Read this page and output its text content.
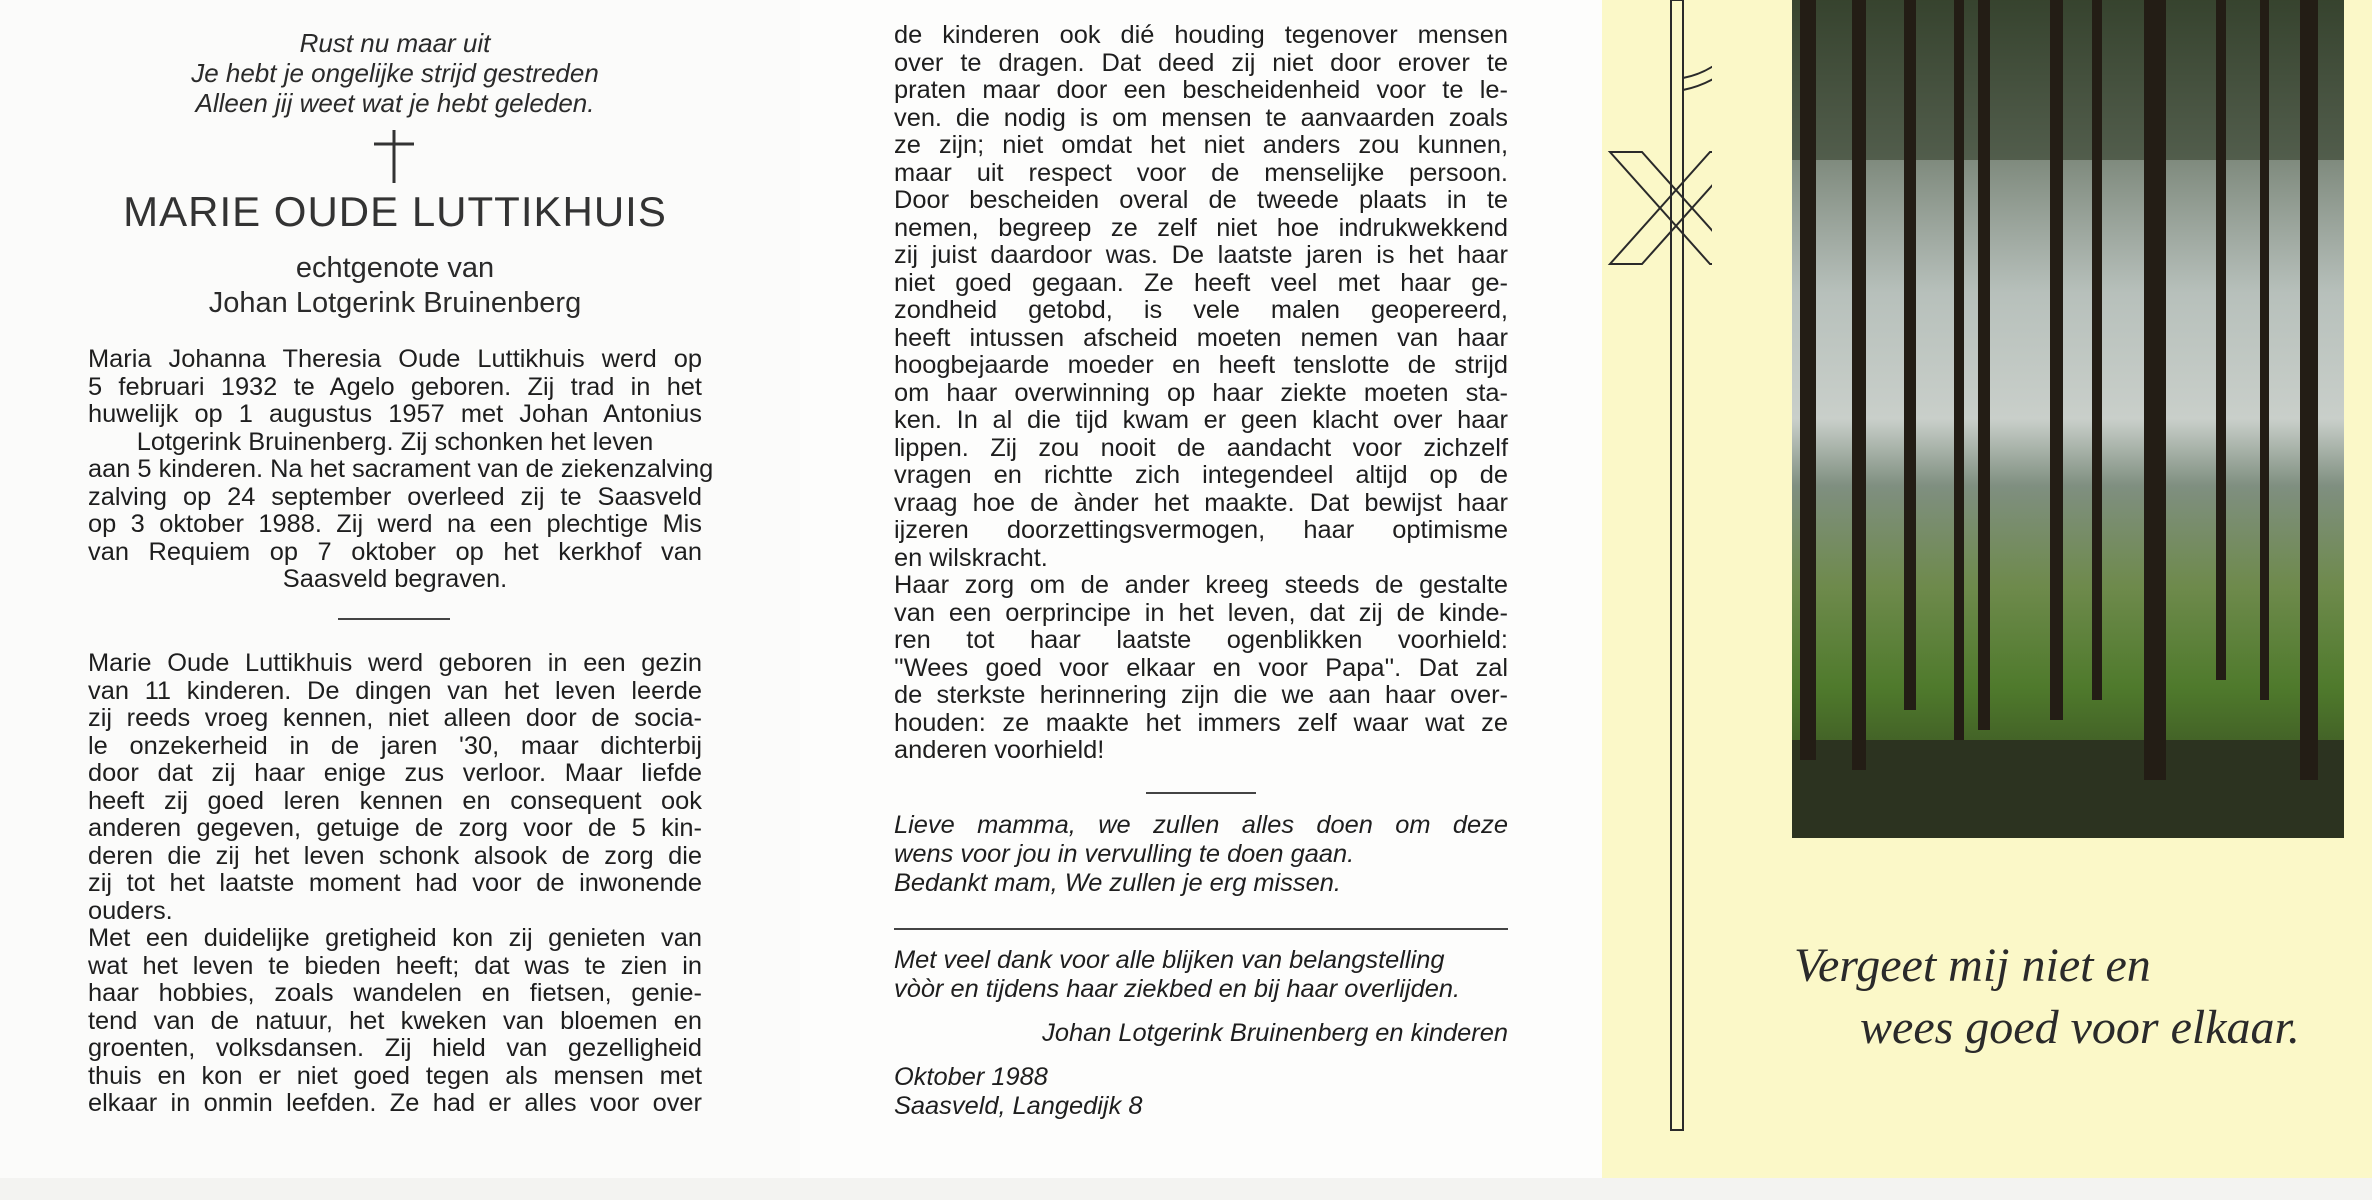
Rust nu maar uit
Je hebt je ongelijke strijd gestreden
Alleen jij weet wat je hebt geleden.
MARIE OUDE LUTTIKHUIS
echtgenote van
Johan Lotgerink Bruinenberg
Maria Johanna Theresia Oude Luttikhuis werd op
5 februari 1932 te Agelo geboren. Zij trad in het
huwelijk op 1 augustus 1957 met Johan Antonius
Lotgerink Bruinenberg. Zij schonken het leven
aan 5 kinderen. Na het sacrament van de ziekenzalving
zalving op 24 september overleed zij te Saasveld
op 3 oktober 1988. Zij werd na een plechtige Mis
van Requiem op 7 oktober op het kerkhof van
Saasveld begraven.
Marie Oude Luttikhuis werd geboren in een gezin
van 11 kinderen. De dingen van het leven leerde
zij reeds vroeg kennen, niet alleen door de socia-
le onzekerheid in de jaren '30, maar dichterbij
door dat zij haar enige zus verloor. Maar liefde
heeft zij goed leren kennen en consequent ook
anderen gegeven, getuige de zorg voor de 5 kin-
deren die zij het leven schonk alsook de zorg die
zij tot het laatste moment had voor de inwonende
ouders.
Met een duidelijke gretigheid kon zij genieten van
wat het leven te bieden heeft; dat was te zien in
haar hobbies, zoals wandelen en fietsen, genie-
tend van de natuur, het kweken van bloemen en
groenten, volksdansen. Zij hield van gezelligheid
thuis en kon er niet goed tegen als mensen met
elkaar in onmin leefden. Ze had er alles voor over
de kinderen ook dié houding tegenover mensen
over te dragen. Dat deed zij niet door erover te
praten maar door een bescheidenheid voor te le-
ven. die nodig is om mensen te aanvaarden zoals
ze zijn; niet omdat het niet anders zou kunnen,
maar uit respect voor de menselijke persoon.
Door bescheiden overal de tweede plaats in te
nemen, begreep ze zelf niet hoe indrukwekkend
zij juist daardoor was. De laatste jaren is het haar
niet goed gegaan. Ze heeft veel met haar ge-
zondheid getobd, is vele malen geopereerd,
heeft intussen afscheid moeten nemen van haar
hoogbejaarde moeder en heeft tenslotte de strijd
om haar overwinning op haar ziekte moeten sta-
ken. In al die tijd kwam er geen klacht over haar
lippen. Zij zou nooit de aandacht voor zichzelf
vragen en richtte zich integendeel altijd op de
vraag hoe de ànder het maakte. Dat bewijst haar
ijzeren doorzettingsvermogen, haar optimisme
en wilskracht.
Haar zorg om de ander kreeg steeds de gestalte
van een oerprincipe in het leven, dat zij de kinde-
ren tot haar laatste ogenblikken voorhield:
''Wees goed voor elkaar en voor Papa''. Dat zal
de sterkste herinnering zijn die we aan haar over-
houden: ze maakte het immers zelf waar wat ze
anderen voorhield!
Lieve mamma, we zullen alles doen om deze
wens voor jou in vervulling te doen gaan.
Bedankt mam, We zullen je erg missen.
Met veel dank voor alle blijken van belangstelling
vòòr en tijdens haar ziekbed en bij haar overlijden.
Johan Lotgerink Bruinenberg en kinderen
Oktober 1988
Saasveld, Langedijk 8
Vergeet mij niet en
wees goed voor elkaar.
